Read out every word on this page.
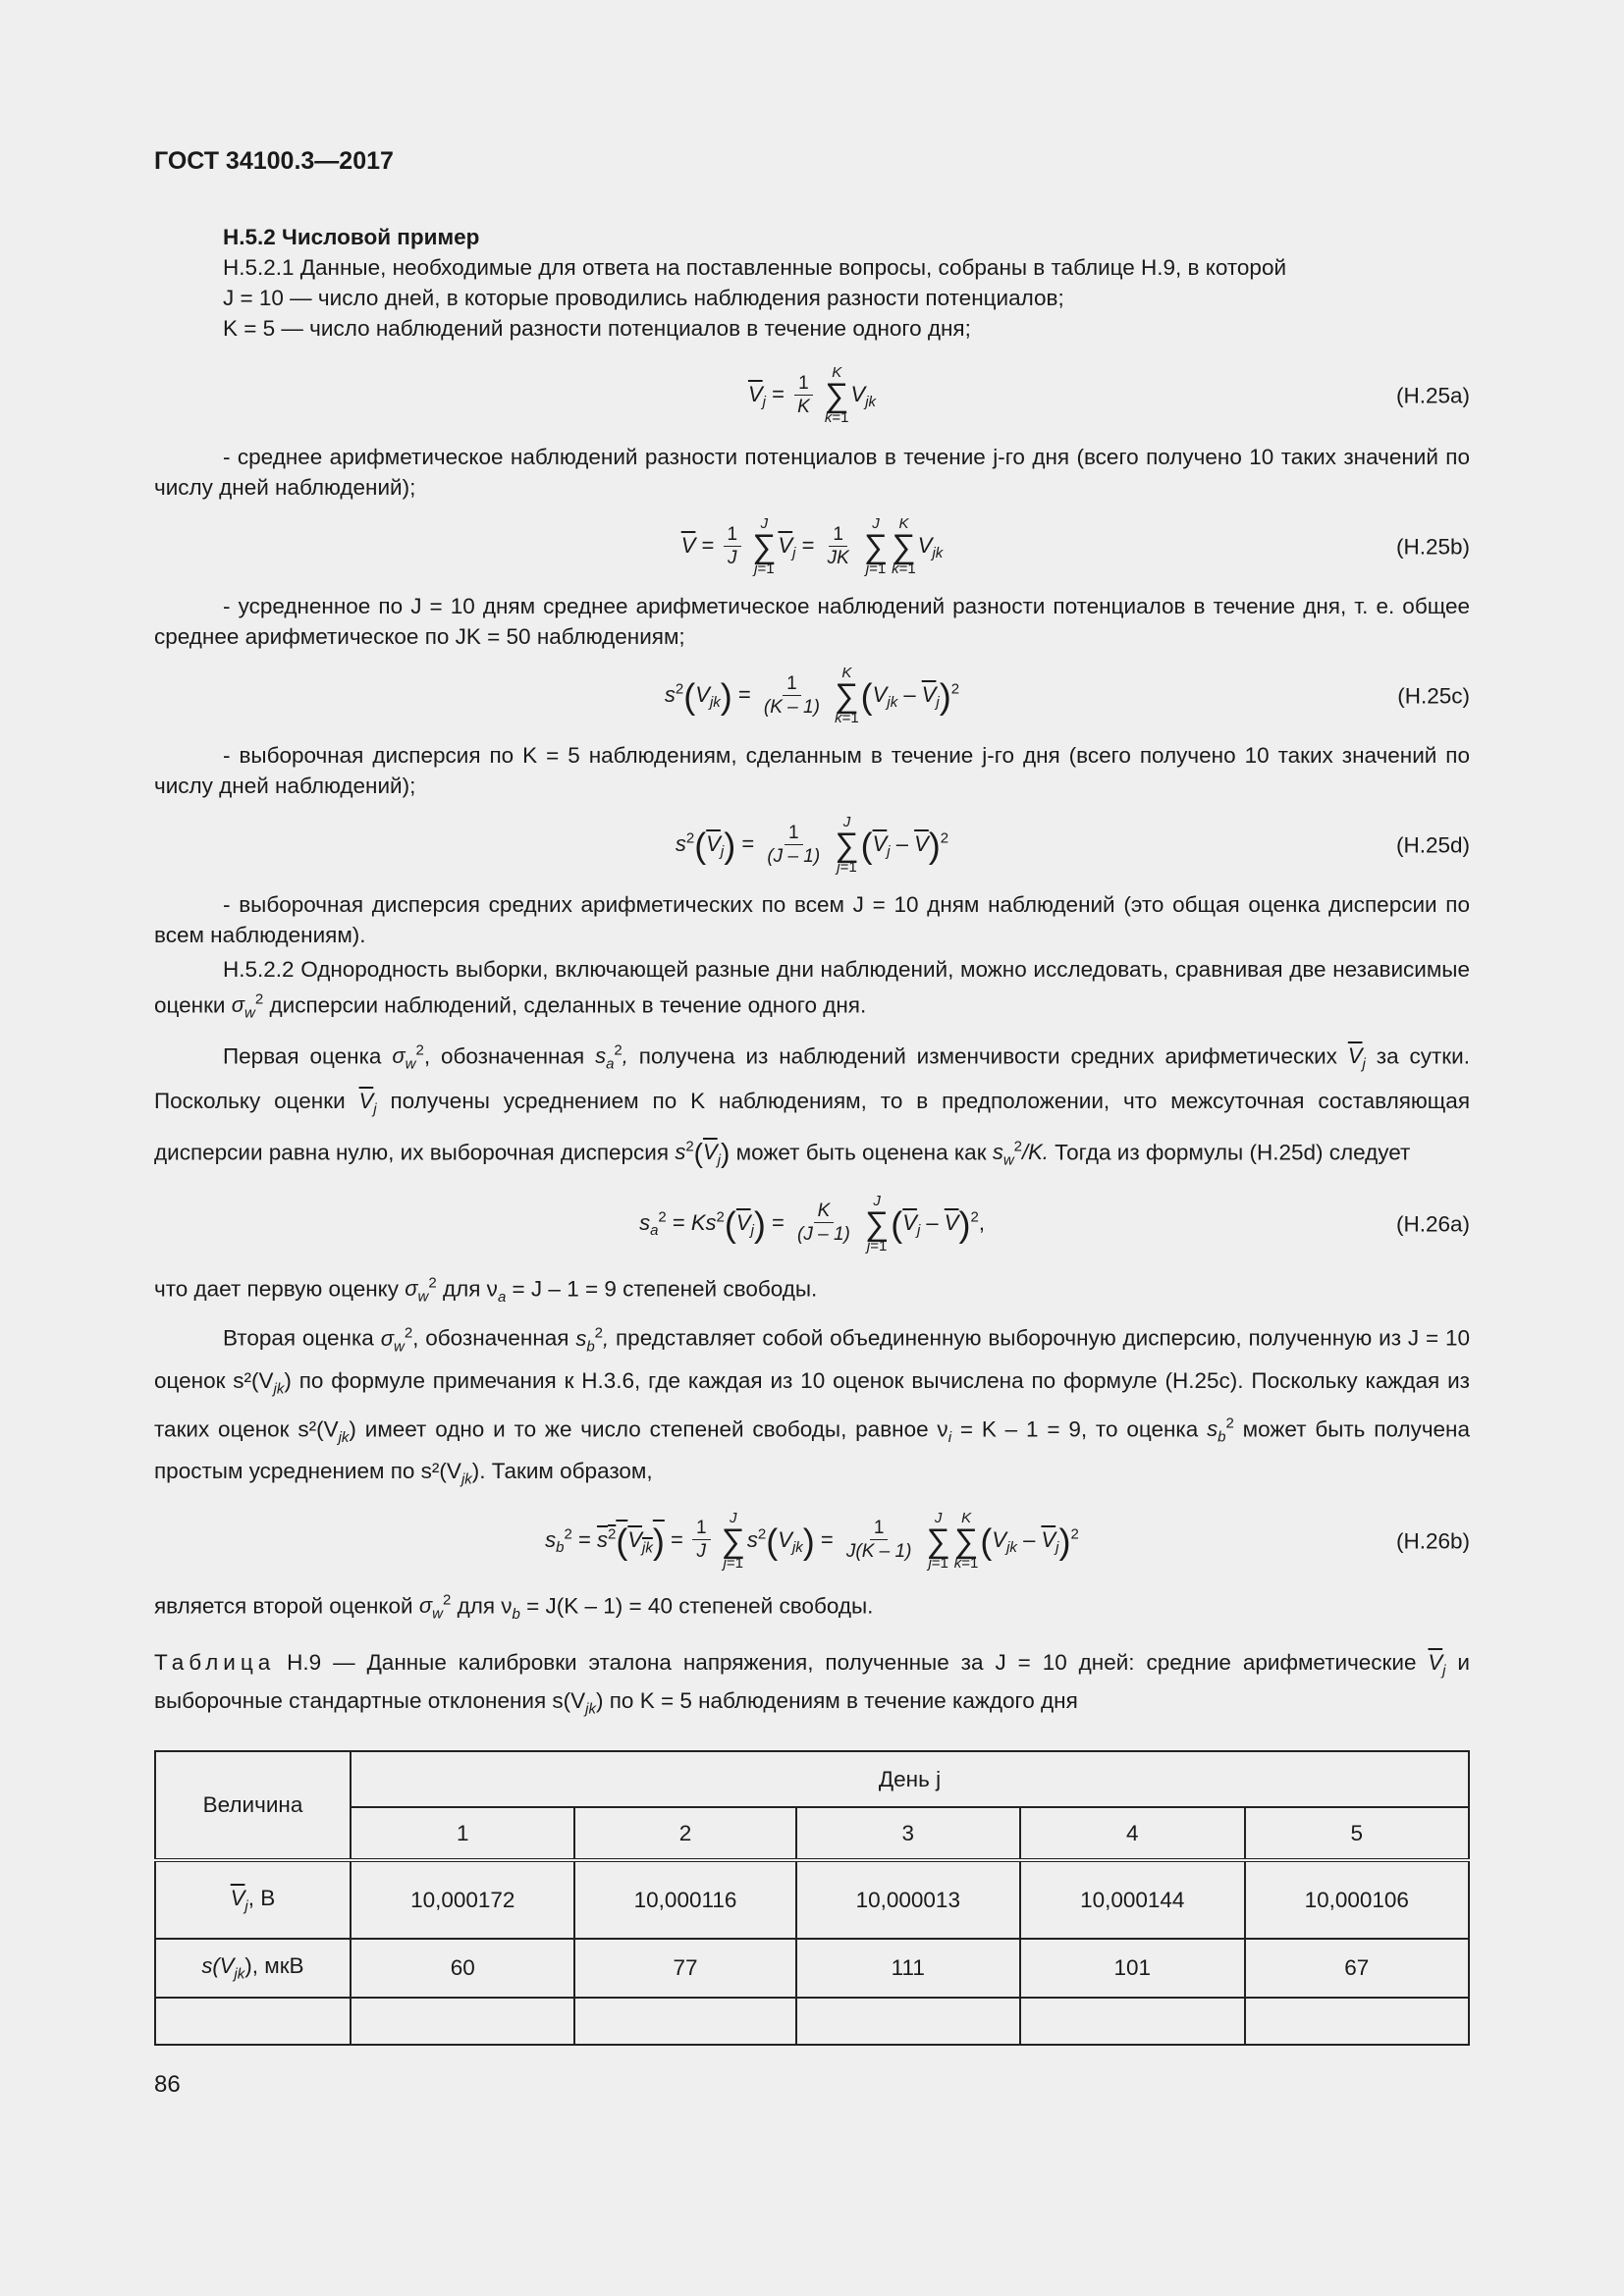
ГОСТ 34100.3—2017

Н.5.2 Числовой пример

Н.5.2.1 Данные, необходимые для ответа на поставленные вопросы, собраны в таблице Н.9, в которой

J = 10 — число дней, в которые проводились наблюдения разности потенциалов;

K = 5 — число наблюдений разности потенциалов в течение одного дня;

$\overline{V}_j = \frac{1}{K}$
K
∑
k=1
$V_{jk}$	(Н.25a)

- среднее арифметическое наблюдений разности потенциалов в течение j-го дня (всего получено 10 таких значений по числу дней наблюдений);

$\overline{V} = \frac{1}{J}$
J
∑
j=1
$\overline{V}_j = \frac{1}{JK}$
J
∑
j=1
K
∑
k=1
$V_{jk}$	(Н.25b)

- усредненное по J = 10 дням среднее арифметическое наблюдений разности потенциалов в течение дня, т. е. общее среднее арифметическое по JK = 50 наблюдениям;

$s^2(V_{jk}) = \frac{1}{(K - 1)}$
K
∑
k=1
$(V_{jk} - \overline{V}_j)^2$	(Н.25c)

- выборочная дисперсия по K = 5 наблюдениям, сделанным в течение j-го дня (всего получено 10 таких значений по числу дней наблюдений);

$s^2(\overline{V}_j) = \frac{1}{(J - 1)}$
J
∑
j=1
$(\overline{V}_j - \overline{V})^2$	(Н.25d)

- выборочная дисперсия средних арифметических по всем J = 10 дням наблюдений (это общая оценка дисперсии по всем наблюдениям).

Н.5.2.2 Однородность выборки, включающей разные дни наблюдений, можно исследовать, сравнивая две независимые оценки $\sigma_w^2$ дисперсии наблюдений, сделанных в течение одного дня.

Первая оценка $\sigma_w^2$, обозначенная $s_a^2$, получена из наблюдений изменчивости средних арифметических $\overline{V}_j$ за сутки. Поскольку оценки $\overline{V}_j$ получены усреднением по K наблюдениям, то в предположении, что межсуточная составляющая дисперсии равна нулю, их выборочная дисперсия $s^2(\overline{V}_j)$ может быть оценена как $s_w^2/K$. Тогда из формулы (Н.25d) следует

$s_a^2 = Ks^2(\overline{V}_j) = \frac{K}{(J - 1)}$
J
∑
j=1
$(\overline{V}_j - \overline{V})^2$,	(Н.26a)

что дает первую оценку $\sigma_w^2$ для $\nu_a = J - 1 = 9$ степеней свободы.

Вторая оценка $\sigma_w^2$, обозначенная $s_b^2$, представляет собой объединенную выборочную дисперсию, полученную из J = 10 оценок $s^2(V_{jk})$ по формуле примечания к Н.3.6, где каждая из 10 оценок вычислена по формуле (Н.25c). Поскольку каждая из таких оценок $s^2(V_{jk})$ имеет одно и то же число степеней свободы, равное $\nu_i = K - 1 = 9$, то оценка $s_b^2$ может быть получена простым усреднением по $s^2(V_{jk})$. Таким образом,

$s_b^2 = s^2(V_{jk}) = \frac{1}{J}$
J
∑
j=1
$s^2(V_{jk}) = \frac{1}{J(K - 1)}$
J
∑
j=1
K
∑
k=1
$(V_{jk} - \overline{V}_j)^2$	(Н.26b)

является второй оценкой $\sigma_w^2$ для $\nu_b = J(K - 1) = 40$ степеней свободы.

Таблица Н.9 — Данные калибровки эталона напряжения, полученные за J = 10 дней: средние арифметические $\overline{V}_j$ и выборочные стандартные отклонения $s(V_{jk})$ по K = 5 наблюдениям в течение каждого дня

Величина	День j				
	1	2	3	4	5
$\overline{V}_j$, В	10,000172	10,000116	10,000013	10,000144	10,000106
$s(V_{jk})$, мкВ	60	77	111	101	67

86
